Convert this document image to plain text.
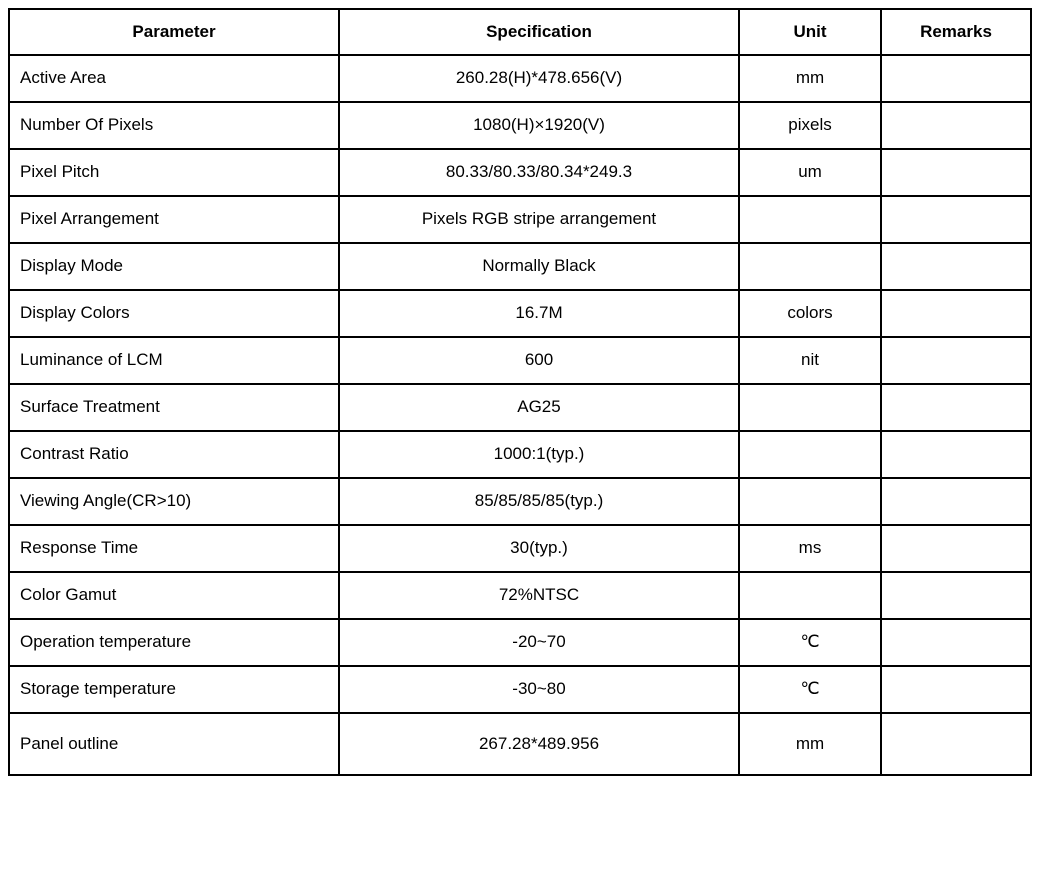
Parameter	Specification	Unit	Remarks
Active Area	260.28(H)*478.656(V)	mm	
Number Of Pixels	1080(H)×1920(V)	pixels	
Pixel Pitch	80.33/80.33/80.34*249.3	um	
Pixel Arrangement	Pixels RGB stripe arrangement		
Display Mode	Normally Black		
Display Colors	16.7M	colors	
Luminance of LCM	600	nit	
Surface Treatment	AG25		
Contrast Ratio	1000:1(typ.)		
Viewing Angle(CR>10)	85/85/85/85(typ.)		
Response Time	30(typ.)	ms	
Color Gamut	72%NTSC		
Operation temperature	-20~70	℃	
Storage temperature	-30~80	℃	
Panel outline	267.28*489.956	mm	
